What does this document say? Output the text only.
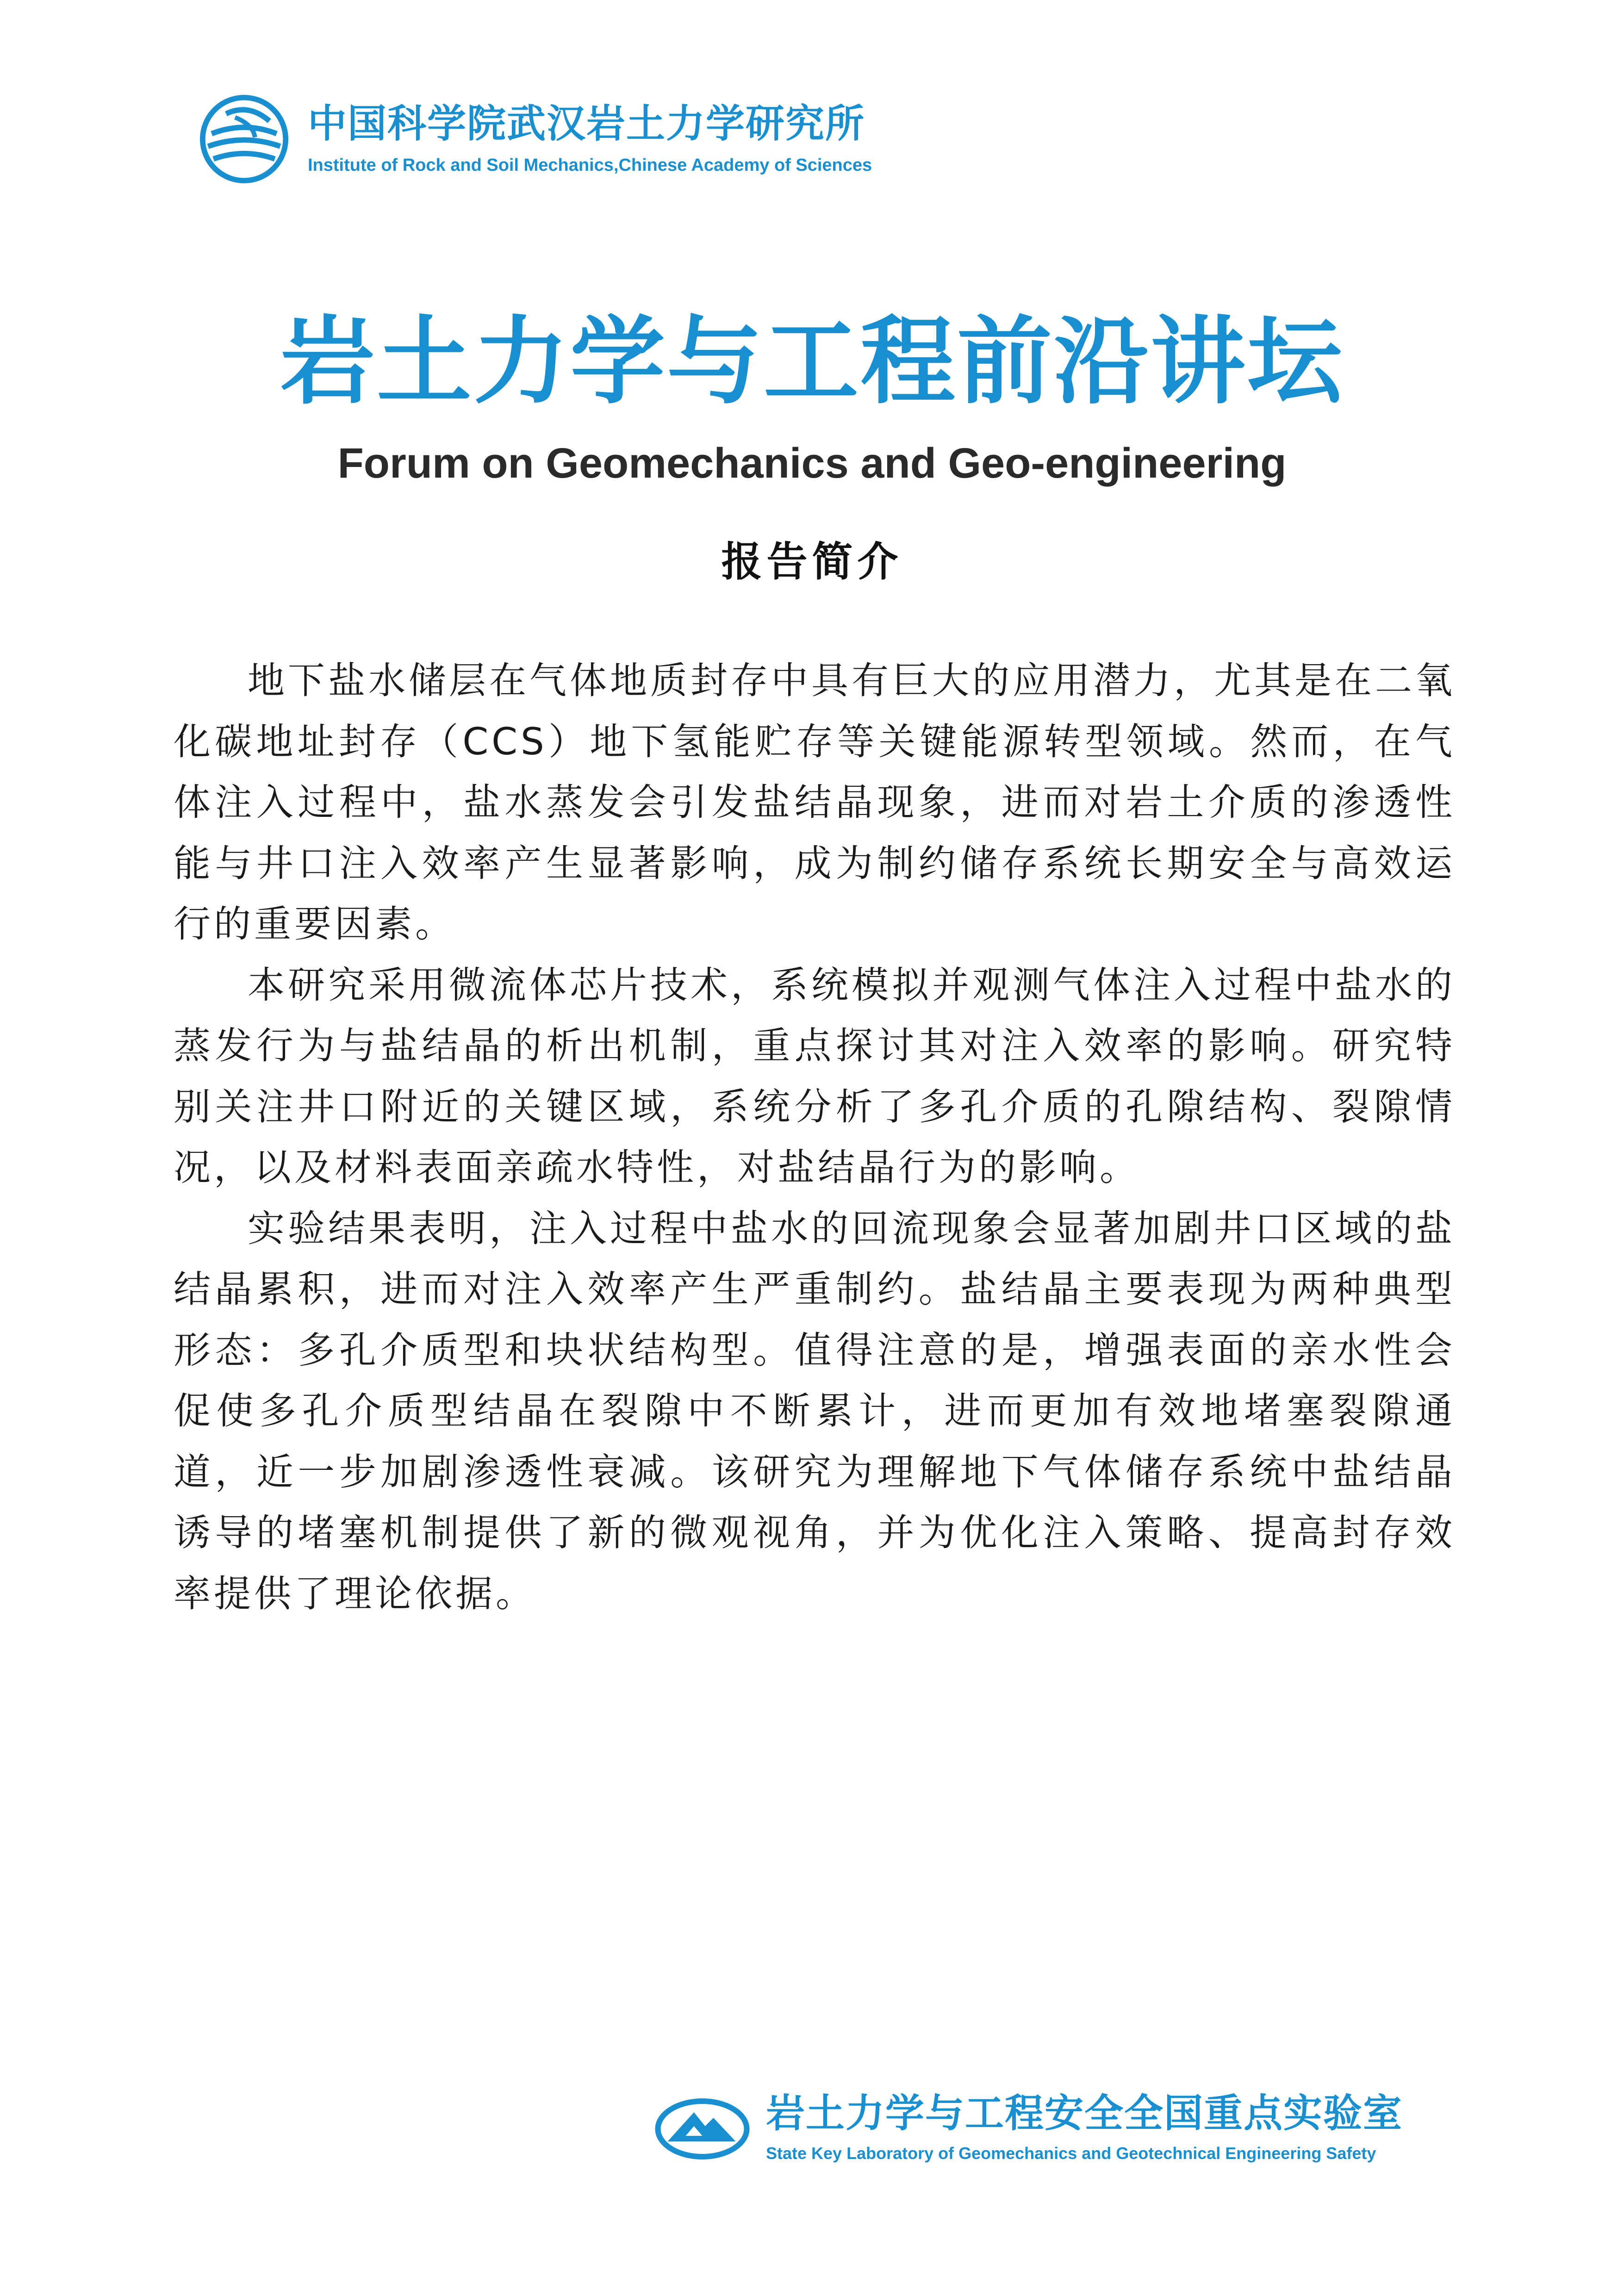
中国科学院武汉岩土力学研究所
Institute of Rock and Soil Mechanics,Chinese Academy of Sciences
岩土力学与工程前沿讲坛
Forum on Geomechanics and Geo-engineering
报告简介

地下盐水储层在气体地质封存中具有巨大的应用潜力，尤其是在二氧化碳地址封存（CCS）地下氢能贮存等关键能源转型领域。然而，在气体注入过程中，盐水蒸发会引发盐结晶现象，进而对岩土介质的渗透性能与井口注入效率产生显著影响，成为制约储存系统长期安全与高效运行的重要因素。

本研究采用微流体芯片技术，系统模拟并观测气体注入过程中盐水的蒸发行为与盐结晶的析出机制，重点探讨其对注入效率的影响。研究特别关注井口附近的关键区域，系统分析了多孔介质的孔隙结构、裂隙情况，以及材料表面亲疏水特性，对盐结晶行为的影响。

实验结果表明，注入过程中盐水的回流现象会显著加剧井口区域的盐结晶累积，进而对注入效率产生严重制约。盐结晶主要表现为两种典型形态：多孔介质型和块状结构型。值得注意的是，增强表面的亲水性会促使多孔介质型结晶在裂隙中不断累计，进而更加有效地堵塞裂隙通道，近一步加剧渗透性衰减。该研究为理解地下气体储存系统中盐结晶诱导的堵塞机制提供了新的微观视角，并为优化注入策略、提高封存效率提供了理论依据。

岩土力学与工程安全全国重点实验室
State Key Laboratory of Geomechanics and Geotechnical Engineering Safety
